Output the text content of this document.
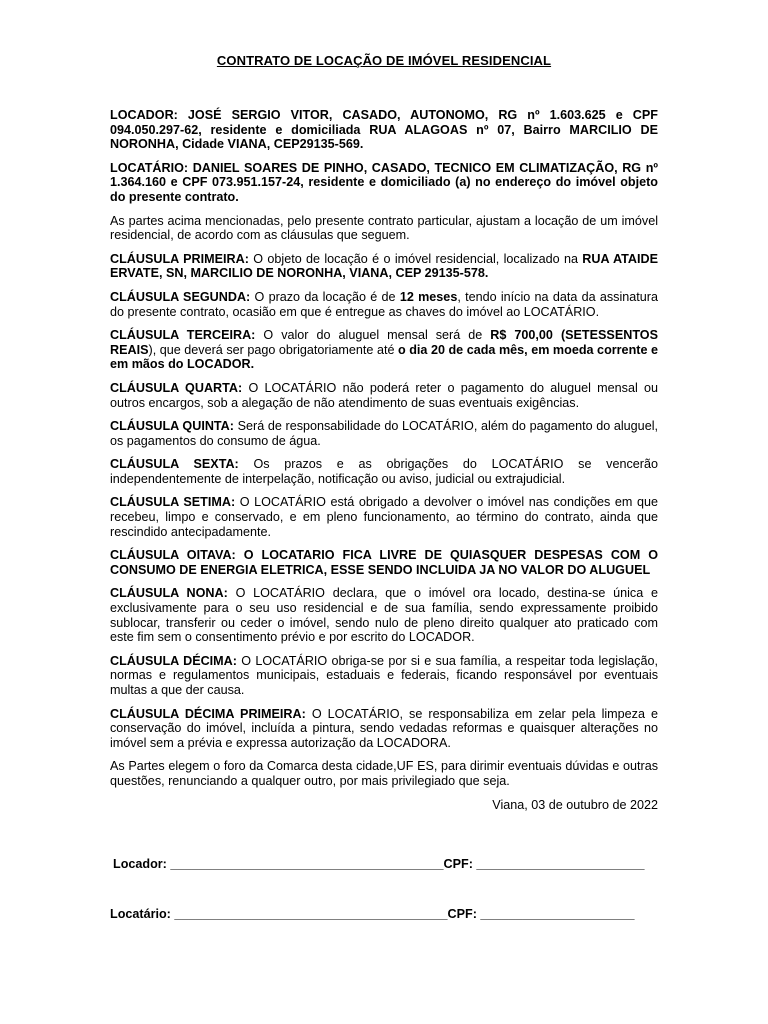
CONTRATO DE LOCAÇÃO DE IMÓVEL RESIDENCIAL

LOCADOR: JOSÉ SERGIO VITOR, CASADO, AUTONOMO, RG nº 1.603.625 e CPF 094.050.297-62, residente e domiciliada RUA ALAGOAS nº 07, Bairro MARCILIO DE NORONHA, Cidade VIANA, CEP29135-569.

LOCATÁRIO: DANIEL SOARES DE PINHO, CASADO, TECNICO EM CLIMATIZAÇÃO, RG nº 1.364.160 e CPF 073.951.157-24, residente e domiciliado (a) no endereço do imóvel objeto do presente contrato.

As partes acima mencionadas, pelo presente contrato particular, ajustam a locação de um imóvel residencial, de acordo com as cláusulas que seguem.

CLÁUSULA PRIMEIRA: O objeto de locação é o imóvel residencial, localizado na RUA ATAIDE ERVATE, SN, MARCILIO DE NORONHA, VIANA, CEP 29135-578.

CLÁUSULA SEGUNDA: O prazo da locação é de 12 meses, tendo início na data da assinatura do presente contrato, ocasião em que é entregue as chaves do imóvel ao LOCATÁRIO.

CLÁUSULA TERCEIRA: O valor do aluguel mensal será de R$ 700,00 (SETESSENTOS REAIS), que deverá ser pago obrigatoriamente até o dia 20 de cada mês, em moeda corrente e em mãos do LOCADOR.

CLÁUSULA QUARTA: O LOCATÁRIO não poderá reter o pagamento do aluguel mensal ou outros encargos, sob a alegação de não atendimento de suas eventuais exigências.

CLÁUSULA QUINTA: Será de responsabilidade do LOCATÁRIO, além do pagamento do aluguel, os pagamentos do consumo de água.

CLÁUSULA SEXTA: Os prazos e as obrigações do LOCATÁRIO se vencerão independentemente de interpelação, notificação ou aviso, judicial ou extrajudicial.

CLÁUSULA SETIMA: O LOCATÁRIO está obrigado a devolver o imóvel nas condições em que recebeu, limpo e conservado, e em pleno funcionamento, ao término do contrato, ainda que rescindido antecipadamente.

CLÁUSULA OITAVA: O LOCATARIO FICA LIVRE DE QUIASQUER DESPESAS COM O CONSUMO DE ENERGIA ELETRICA, ESSE SENDO INCLUIDA JA NO VALOR DO ALUGUEL

CLÁUSULA NONA: O LOCATÁRIO declara, que o imóvel ora locado, destina-se única e exclusivamente para o seu uso residencial e de sua família, sendo expressamente proibido sublocar, transferir ou ceder o imóvel, sendo nulo de pleno direito qualquer ato praticado com este fim sem o consentimento prévio e por escrito do LOCADOR.

CLÁUSULA DÉCIMA: O LOCATÁRIO obriga-se por si e sua família, a respeitar toda legislação, normas e regulamentos municipais, estaduais e federais, ficando responsável por eventuais multas a que der causa.

CLÁUSULA DÉCIMA PRIMEIRA: O LOCATÁRIO, se responsabiliza em zelar pela limpeza e conservação do imóvel, incluída a pintura, sendo vedadas reformas e quaisquer alterações no imóvel sem a prévia e expressa autorização da LOCADORA.

As Partes elegem o foro da Comarca desta cidade,UF ES, para dirimir eventuais dúvidas e outras questões, renunciando a qualquer outro, por mais privilegiado que seja.

Viana, 03 de outubro de 2022

Locador: _______________________________________CPF: ________________________
Locatário: _______________________________________CPF: ______________________
